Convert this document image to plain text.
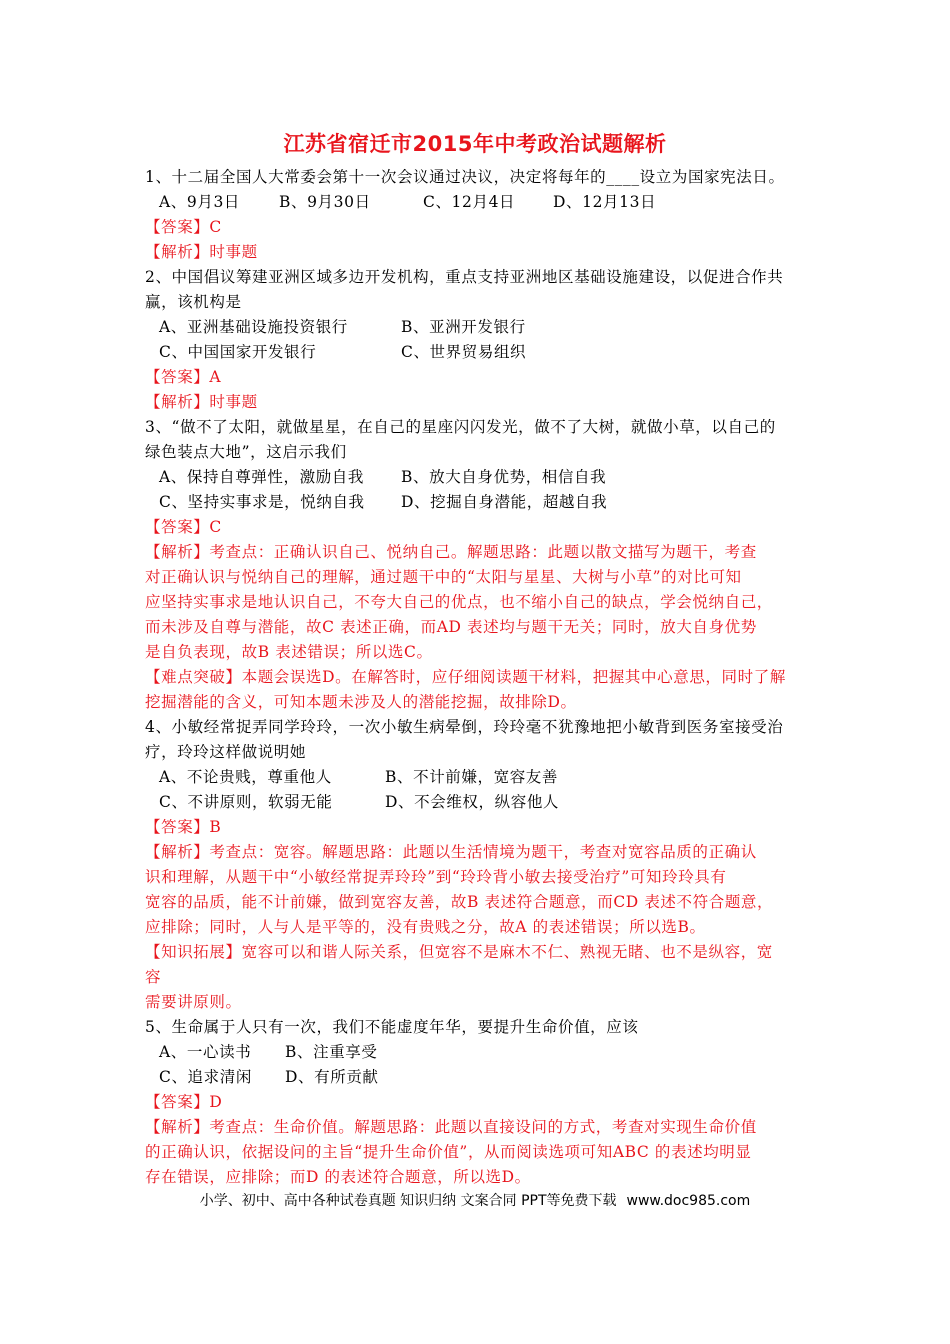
江苏省宿迁市2015年中考政治试题解析
1、十二届全国人大常委会第十一次会议通过决议，决定将每年的____设立为国家宪法日。
A、9月3日	B、9月30日	C、12月4日 D、12月13日
【答案】C
【解析】时事题
2、中国倡议筹建亚洲区域多边开发机构，重点支持亚洲地区基础设施建设，以促进合作共
赢，该机构是
A、亚洲基础设施投资银行	B、亚洲开发银行
C、中国国家开发银行	C、世界贸易组织
【答案】A
【解析】时事题
3、“做不了太阳，就做星星，在自己的星座闪闪发光，做不了大树，就做小草，以自己的
绿色装点大地”，这启示我们
A、保持自尊弹性，激励自我 B、放大自身优势，相信自我
C、坚持实事求是，悦纳自我 D、挖掘自身潜能，超越自我
【答案】C
【解析】考查点：正确认识自己、悦纳自己。解题思路：此题以散文描写为题干，考查
对正确认识与悦纳自己的理解，通过题干中的“太阳与星星、大树与小草”的对比可知
应坚持实事求是地认识自己，不夸大自己的优点，也不缩小自己的缺点，学会悦纳自己，
而未涉及自尊与潜能，故C 表述正确，而AD 表述均与题干无关；同时，放大自身优势
是自负表现，故B 表述错误；所以选C。
【难点突破】本题会误选D。在解答时，应仔细阅读题干材料，把握其中心意思，同时了解
挖掘潜能的含义，可知本题未涉及人的潜能挖掘，故排除D。
4、小敏经常捉弄同学玲玲，一次小敏生病晕倒，玲玲毫不犹豫地把小敏背到医务室接受治
疗，玲玲这样做说明她
A、不论贵贱，尊重他人	B、不计前嫌，宽容友善
C、不讲原则，软弱无能	D、不会维权，纵容他人
【答案】B
【解析】考查点：宽容。解题思路：此题以生活情境为题干，考查对宽容品质的正确认
识和理解，从题干中“小敏经常捉弄玲玲”到“玲玲背小敏去接受治疗”可知玲玲具有
宽容的品质，能不计前嫌，做到宽容友善，故B 表述符合题意，而CD 表述不符合题意，
应排除；同时，人与人是平等的，没有贵贱之分，故A 的表述错误；所以选B。
【知识拓展】宽容可以和谐人际关系，但宽容不是麻木不仁、熟视无睹、也不是纵容，宽
容
需要讲原则。
5、生命属于人只有一次，我们不能虚度年华，要提升生命价值，应该
A、一心读书 B、注重享受
C、追求清闲 D、有所贡献
【答案】D
【解析】考查点：生命价值。解题思路：此题以直接设问的方式，考查对实现生命价值
的正确认识，依据设问的主旨“提升生命价值”，从而阅读选项可知ABC 的表述均明显
存在错误，应排除；而D 的表述符合题意，所以选D。
小学、初中、高中各种试卷真题 知识归纳 文案合同 PPT等免费下载 www.doc985.com
